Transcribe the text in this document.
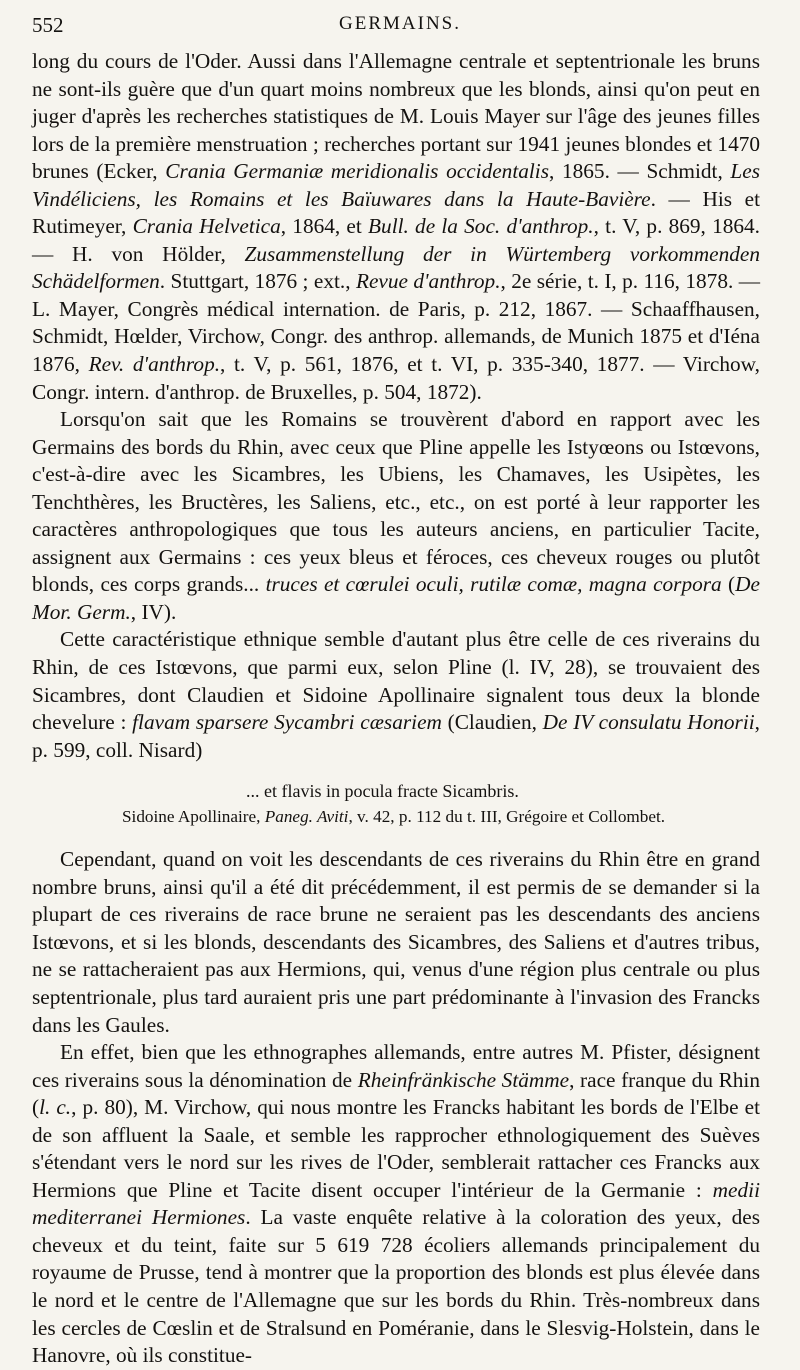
552	GERMAINS.

long du cours de l'Oder. Aussi dans l'Allemagne centrale et septentrionale les bruns ne sont-ils guère que d'un quart moins nombreux que les blonds, ainsi qu'on peut en juger d'après les recherches statistiques de M. Louis Mayer sur l'âge des jeunes filles lors de la première menstruation ; recherches portant sur 1941 jeunes blondes et 1470 brunes (Ecker, Crania Germaniæ meridionalis occidentalis, 1865. — Schmidt, Les Vindéliciens, les Romains et les Baïuwares dans la Haute-Bavière. — His et Rutimeyer, Crania Helvetica, 1864, et Bull. de la Soc. d'anthrop., t. V, p. 869, 1864. — H. von Hölder, Zusammenstellung der in Würtemberg vorkommenden Schädelformen. Stuttgart, 1876 ; ext., Revue d'anthrop., 2e série, t. I, p. 116, 1878. — L. Mayer, Congrès médical internation. de Paris, p. 212, 1867. — Schaaffhausen, Schmidt, Hœlder, Virchow, Congr. des anthrop. allemands, de Munich 1875 et d'Iéna 1876, Rev. d'anthrop., t. V, p. 561, 1876, et t. VI, p. 335-340, 1877. — Virchow, Congr. intern. d'anthrop. de Bruxelles, p. 504, 1872).

Lorsqu'on sait que les Romains se trouvèrent d'abord en rapport avec les Germains des bords du Rhin, avec ceux que Pline appelle les Istyœons ou Istœvons, c'est-à-dire avec les Sicambres, les Ubiens, les Chamaves, les Usipètes, les Tenchthères, les Bructères, les Saliens, etc., etc., on est porté à leur rapporter les caractères anthropologiques que tous les auteurs anciens, en particulier Tacite, assignent aux Germains : ces yeux bleus et féroces, ces cheveux rouges ou plutôt blonds, ces corps grands... truces et cœrulei oculi, rutilæ comæ, magna corpora (De Mor. Germ., IV).

Cette caractéristique ethnique semble d'autant plus être celle de ces riverains du Rhin, de ces Istœvons, que parmi eux, selon Pline (l. IV, 28), se trouvaient des Sicambres, dont Claudien et Sidoine Apollinaire signalent tous deux la blonde chevelure : flavam sparsere Sycambri cæsariem (Claudien, De IV consulatu Honorii, p. 599, coll. Nisard)

... et flavis in pocula fracte Sicambris.
Sidoine Apollinaire, Paneg. Aviti, v. 42, p. 112 du t. III, Grégoire et Collombet.

Cependant, quand on voit les descendants de ces riverains du Rhin être en grand nombre bruns, ainsi qu'il a été dit précédemment, il est permis de se demander si la plupart de ces riverains de race brune ne seraient pas les descendants des anciens Istœvons, et si les blonds, descendants des Sicambres, des Saliens et d'autres tribus, ne se rattacheraient pas aux Hermions, qui, venus d'une région plus centrale ou plus septentrionale, plus tard auraient pris une part prédominante à l'invasion des Francks dans les Gaules.

En effet, bien que les ethnographes allemands, entre autres M. Pfister, désignent ces riverains sous la dénomination de Rheinfränkische Stämme, race franque du Rhin (l. c., p. 80), M. Virchow, qui nous montre les Francks habitant les bords de l'Elbe et de son affluent la Saale, et semble les rapprocher ethnologiquement des Suèves s'étendant vers le nord sur les rives de l'Oder, semblerait rattacher ces Francks aux Hermions que Pline et Tacite disent occuper l'intérieur de la Germanie : medii mediterranei Hermiones. La vaste enquête relative à la coloration des yeux, des cheveux et du teint, faite sur 5 619 728 écoliers allemands principalement du royaume de Prusse, tend à montrer que la proportion des blonds est plus élevée dans le nord et le centre de l'Allemagne que sur les bords du Rhin. Très-nombreux dans les cercles de Cœslin et de Stralsund en Poméranie, dans le Slesvig-Holstein, dans le Hanovre, où ils constitue-
